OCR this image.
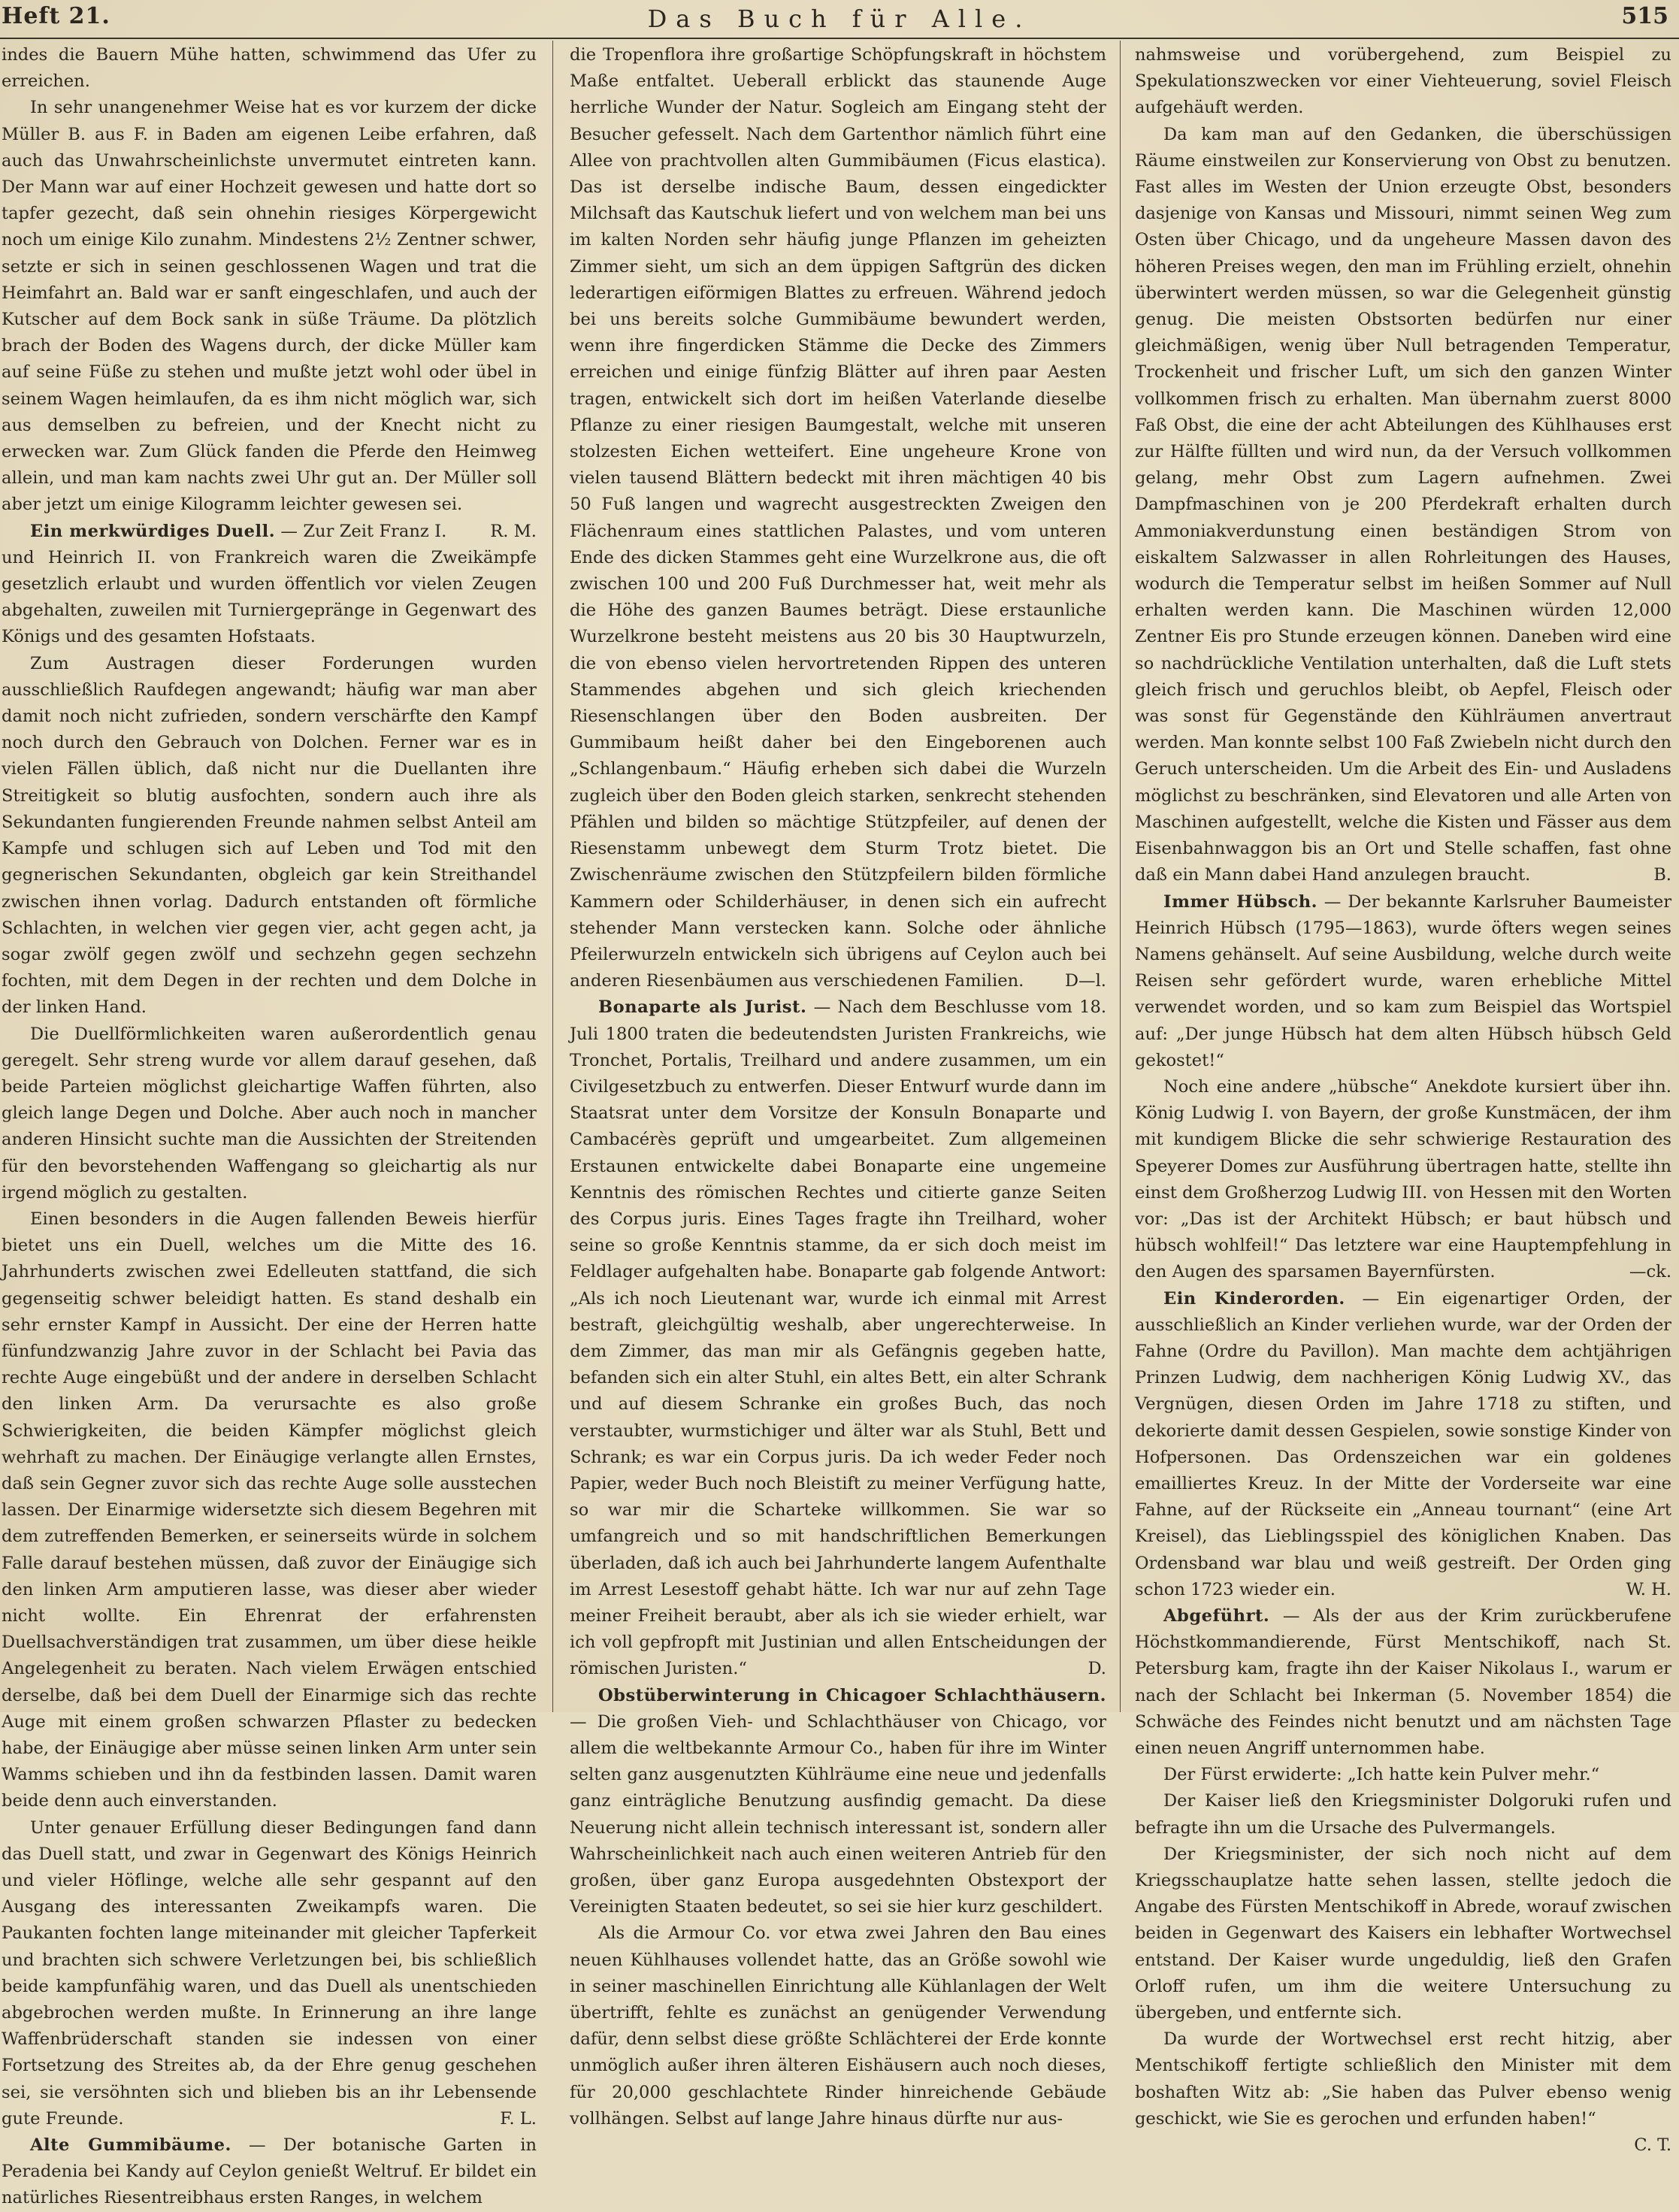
Heft 21.	Das Buch für Alle.	515

indes die Bauern Mühe hatten, schwimmend das Ufer zu erreichen.

In sehr unangenehmer Weise hat es vor kurzem der dicke Müller B. aus F. in Baden am eigenen Leibe erfahren, daß auch das Unwahrscheinlichste unvermutet eintreten kann. Der Mann war auf einer Hochzeit gewesen und hatte dort so tapfer gezecht, daß sein ohnehin riesiges Körpergewicht noch um einige Kilo zunahm. Mindestens 2½ Zentner schwer, setzte er sich in seinen geschlossenen Wagen und trat die Heimfahrt an. Bald war er sanft eingeschlafen, und auch der Kutscher auf dem Bock sank in süße Träume. Da plötzlich brach der Boden des Wagens durch, der dicke Müller kam auf seine Füße zu stehen und mußte jetzt wohl oder übel in seinem Wagen heimlaufen, da es ihm nicht möglich war, sich aus demselben zu befreien, und der Knecht nicht zu erwecken war. Zum Glück fanden die Pferde den Heimweg allein, und man kam nachts zwei Uhr gut an. Der Müller soll aber jetzt um einige Kilogramm leichter gewesen sei.
R. M.

Ein merkwürdiges Duell. — Zur Zeit Franz I. und Heinrich II. von Frankreich waren die Zweikämpfe gesetzlich erlaubt und wurden öffentlich vor vielen Zeugen abgehalten, zuweilen mit Turniergepränge in Gegenwart des Königs und des gesamten Hofstaats.

Zum Austragen dieser Forderungen wurden ausschließlich Raufdegen angewandt; häufig war man aber damit noch nicht zufrieden, sondern verschärfte den Kampf noch durch den Gebrauch von Dolchen. Ferner war es in vielen Fällen üblich, daß nicht nur die Duellanten ihre Streitigkeit so blutig ausfochten, sondern auch ihre als Sekundanten fungierenden Freunde nahmen selbst Anteil am Kampfe und schlugen sich auf Leben und Tod mit den gegnerischen Sekundanten, obgleich gar kein Streithandel zwischen ihnen vorlag. Dadurch entstanden oft förmliche Schlachten, in welchen vier gegen vier, acht gegen acht, ja sogar zwölf gegen zwölf und sechzehn gegen sechzehn fochten, mit dem Degen in der rechten und dem Dolche in der linken Hand.

Die Duellförmlichkeiten waren außerordentlich genau geregelt. Sehr streng wurde vor allem darauf gesehen, daß beide Parteien möglichst gleichartige Waffen führten, also gleich lange Degen und Dolche. Aber auch noch in mancher anderen Hinsicht suchte man die Aussichten der Streitenden für den bevorstehenden Waffengang so gleichartig als nur irgend möglich zu gestalten.

Einen besonders in die Augen fallenden Beweis hierfür bietet uns ein Duell, welches um die Mitte des 16. Jahrhunderts zwischen zwei Edelleuten stattfand, die sich gegenseitig schwer beleidigt hatten. Es stand deshalb ein sehr ernster Kampf in Aussicht. Der eine der Herren hatte fünfundzwanzig Jahre zuvor in der Schlacht bei Pavia das rechte Auge eingebüßt und der andere in derselben Schlacht den linken Arm. Da verursachte es also große Schwierigkeiten, die beiden Kämpfer möglichst gleich wehrhaft zu machen. Der Einäugige verlangte allen Ernstes, daß sein Gegner zuvor sich das rechte Auge solle ausstechen lassen. Der Einarmige widersetzte sich diesem Begehren mit dem zutreffenden Bemerken, er seinerseits würde in solchem Falle darauf bestehen müssen, daß zuvor der Einäugige sich den linken Arm amputieren lasse, was dieser aber wieder nicht wollte. Ein Ehrenrat der erfahrensten Duellsachverständigen trat zusammen, um über diese heikle Angelegenheit zu beraten. Nach vielem Erwägen entschied derselbe, daß bei dem Duell der Einarmige sich das rechte Auge mit einem großen schwarzen Pflaster zu bedecken habe, der Einäugige aber müsse seinen linken Arm unter sein Wamms schieben und ihn da festbinden lassen. Damit waren beide denn auch einverstanden.

Unter genauer Erfüllung dieser Bedingungen fand dann das Duell statt, und zwar in Gegenwart des Königs Heinrich und vieler Höflinge, welche alle sehr gespannt auf den Ausgang des interessanten Zweikampfs waren. Die Paukanten fochten lange miteinander mit gleicher Tapferkeit und brachten sich schwere Verletzungen bei, bis schließlich beide kampfunfähig waren, und das Duell als unentschieden abgebrochen werden mußte. In Erinnerung an ihre lange Waffenbrüderschaft standen sie indessen von einer Fortsetzung des Streites ab, da der Ehre genug geschehen sei, sie versöhnten sich und blieben bis an ihr Lebensende gute Freunde.	F. L.

Alte Gummibäume. — Der botanische Garten in Peradenia bei Kandy auf Ceylon genießt Weltruf. Er bildet ein natürliches Riesentreibhaus ersten Ranges, in welchem

die Tropenflora ihre großartige Schöpfungskraft in höchstem Maße entfaltet. Ueberall erblickt das staunende Auge herrliche Wunder der Natur. Sogleich am Eingang steht der Besucher gefesselt. Nach dem Gartenthor nämlich führt eine Allee von prachtvollen alten Gummibäumen (Ficus elastica). Das ist derselbe indische Baum, dessen eingedickter Milchsaft das Kautschuk liefert und von welchem man bei uns im kalten Norden sehr häufig junge Pflanzen im geheizten Zimmer sieht, um sich an dem üppigen Saftgrün des dicken lederartigen eiförmigen Blattes zu erfreuen. Während jedoch bei uns bereits solche Gummibäume bewundert werden, wenn ihre fingerdicken Stämme die Decke des Zimmers erreichen und einige fünfzig Blätter auf ihren paar Aesten tragen, entwickelt sich dort im heißen Vaterlande dieselbe Pflanze zu einer riesigen Baumgestalt, welche mit unseren stolzesten Eichen wetteifert. Eine ungeheure Krone von vielen tausend Blättern bedeckt mit ihren mächtigen 40 bis 50 Fuß langen und wagrecht ausgestreckten Zweigen den Flächenraum eines stattlichen Palastes, und vom unteren Ende des dicken Stammes geht eine Wurzelkrone aus, die oft zwischen 100 und 200 Fuß Durchmesser hat, weit mehr als die Höhe des ganzen Baumes beträgt. Diese erstaunliche Wurzelkrone besteht meistens aus 20 bis 30 Hauptwurzeln, die von ebenso vielen hervortretenden Rippen des unteren Stammendes abgehen und sich gleich kriechenden Riesenschlangen über den Boden ausbreiten. Der Gummibaum heißt daher bei den Eingeborenen auch „Schlangenbaum.“ Häufig erheben sich dabei die Wurzeln zugleich über den Boden gleich starken, senkrecht stehenden Pfählen und bilden so mächtige Stützpfeiler, auf denen der Riesenstamm unbewegt dem Sturm Trotz bietet. Die Zwischenräume zwischen den Stützpfeilern bilden förmliche Kammern oder Schilderhäuser, in denen sich ein aufrecht stehender Mann verstecken kann. Solche oder ähnliche Pfeilerwurzeln entwickeln sich übrigens auf Ceylon auch bei anderen Riesenbäumen aus verschiedenen Familien.	D—l.

Bonaparte als Jurist. — Nach dem Beschlusse vom 18. Juli 1800 traten die bedeutendsten Juristen Frankreichs, wie Tronchet, Portalis, Treilhard und andere zusammen, um ein Civilgesetzbuch zu entwerfen. Dieser Entwurf wurde dann im Staatsrat unter dem Vorsitze der Konsuln Bonaparte und Cambacérès geprüft und umgearbeitet. Zum allgemeinen Erstaunen entwickelte dabei Bonaparte eine ungemeine Kenntnis des römischen Rechtes und citierte ganze Seiten des Corpus juris. Eines Tages fragte ihn Treilhard, woher seine so große Kenntnis stamme, da er sich doch meist im Feldlager aufgehalten habe. Bonaparte gab folgende Antwort: „Als ich noch Lieutenant war, wurde ich einmal mit Arrest bestraft, gleichgültig weshalb, aber ungerechterweise. In dem Zimmer, das man mir als Gefängnis gegeben hatte, befanden sich ein alter Stuhl, ein altes Bett, ein alter Schrank und auf diesem Schranke ein großes Buch, das noch verstaubter, wurmstichiger und älter war als Stuhl, Bett und Schrank; es war ein Corpus juris. Da ich weder Feder noch Papier, weder Buch noch Bleistift zu meiner Verfügung hatte, so war mir die Scharteke willkommen. Sie war so umfangreich und so mit handschriftlichen Bemerkungen überladen, daß ich auch bei Jahrhunderte langem Aufenthalte im Arrest Lesestoff gehabt hätte. Ich war nur auf zehn Tage meiner Freiheit beraubt, aber als ich sie wieder erhielt, war ich voll gepfropft mit Justinian und allen Entscheidungen der römischen Juristen.“	D.

Obstüberwinterung in Chicagoer Schlachthäusern. — Die großen Vieh- und Schlachthäuser von Chicago, vor allem die weltbekannte Armour Co., haben für ihre im Winter selten ganz ausgenutzten Kühlräume eine neue und jedenfalls ganz einträgliche Benutzung ausfindig gemacht. Da diese Neuerung nicht allein technisch interessant ist, sondern aller Wahrscheinlichkeit nach auch einen weiteren Antrieb für den großen, über ganz Europa ausgedehnten Obstexport der Vereinigten Staaten bedeutet, so sei sie hier kurz geschildert.

Als die Armour Co. vor etwa zwei Jahren den Bau eines neuen Kühlhauses vollendet hatte, das an Größe sowohl wie in seiner maschinellen Einrichtung alle Kühlanlagen der Welt übertrifft, fehlte es zunächst an genügender Verwendung dafür, denn selbst diese größte Schlächterei der Erde konnte unmöglich außer ihren älteren Eishäusern auch noch dieses, für 20,000 geschlachtete Rinder hinreichende Gebäude vollhängen. Selbst auf lange Jahre hinaus dürfte nur aus-

nahmsweise und vorübergehend, zum Beispiel zu Spekulationszwecken vor einer Viehteuerung, soviel Fleisch aufgehäuft werden.

Da kam man auf den Gedanken, die überschüssigen Räume einstweilen zur Konservierung von Obst zu benutzen. Fast alles im Westen der Union erzeugte Obst, besonders dasjenige von Kansas und Missouri, nimmt seinen Weg zum Osten über Chicago, und da ungeheure Massen davon des höheren Preises wegen, den man im Frühling erzielt, ohnehin überwintert werden müssen, so war die Gelegenheit günstig genug. Die meisten Obstsorten bedürfen nur einer gleichmäßigen, wenig über Null betragenden Temperatur, Trockenheit und frischer Luft, um sich den ganzen Winter vollkommen frisch zu erhalten. Man übernahm zuerst 8000 Faß Obst, die eine der acht Abteilungen des Kühlhauses erst zur Hälfte füllten und wird nun, da der Versuch vollkommen gelang, mehr Obst zum Lagern aufnehmen. Zwei Dampfmaschinen von je 200 Pferdekraft erhalten durch Ammoniakverdunstung einen beständigen Strom von eiskaltem Salzwasser in allen Rohrleitungen des Hauses, wodurch die Temperatur selbst im heißen Sommer auf Null erhalten werden kann. Die Maschinen würden 12,000 Zentner Eis pro Stunde erzeugen können. Daneben wird eine so nachdrückliche Ventilation unterhalten, daß die Luft stets gleich frisch und geruchlos bleibt, ob Aepfel, Fleisch oder was sonst für Gegenstände den Kühlräumen anvertraut werden. Man konnte selbst 100 Faß Zwiebeln nicht durch den Geruch unterscheiden. Um die Arbeit des Ein- und Ausladens möglichst zu beschränken, sind Elevatoren und alle Arten von Maschinen aufgestellt, welche die Kisten und Fässer aus dem Eisenbahnwaggon bis an Ort und Stelle schaffen, fast ohne daß ein Mann dabei Hand anzulegen braucht.	B.

Immer Hübsch. — Der bekannte Karlsruher Baumeister Heinrich Hübsch (1795—1863), wurde öfters wegen seines Namens gehänselt. Auf seine Ausbildung, welche durch weite Reisen sehr gefördert wurde, waren erhebliche Mittel verwendet worden, und so kam zum Beispiel das Wortspiel auf: „Der junge Hübsch hat dem alten Hübsch hübsch Geld gekostet!“

Noch eine andere „hübsche“ Anekdote kursiert über ihn. König Ludwig I. von Bayern, der große Kunstmäcen, der ihm mit kundigem Blicke die sehr schwierige Restauration des Speyerer Domes zur Ausführung übertragen hatte, stellte ihn einst dem Großherzog Ludwig III. von Hessen mit den Worten vor: „Das ist der Architekt Hübsch; er baut hübsch und hübsch wohlfeil!“ Das letztere war eine Hauptempfehlung in den Augen des sparsamen Bayernfürsten.	—ck.

Ein Kinderorden. — Ein eigenartiger Orden, der ausschließlich an Kinder verliehen wurde, war der Orden der Fahne (Ordre du Pavillon). Man machte dem achtjährigen Prinzen Ludwig, dem nachherigen König Ludwig XV., das Vergnügen, diesen Orden im Jahre 1718 zu stiften, und dekorierte damit dessen Gespielen, sowie sonstige Kinder von Hofpersonen. Das Ordenszeichen war ein goldenes emailliertes Kreuz. In der Mitte der Vorderseite war eine Fahne, auf der Rückseite ein „Anneau tournant“ (eine Art Kreisel), das Lieblingsspiel des königlichen Knaben. Das Ordensband war blau und weiß gestreift. Der Orden ging schon 1723 wieder ein.	W. H.

Abgeführt. — Als der aus der Krim zurückberufene Höchstkommandierende, Fürst Mentschikoff, nach St. Petersburg kam, fragte ihn der Kaiser Nikolaus I., warum er nach der Schlacht bei Inkerman (5. November 1854) die Schwäche des Feindes nicht benutzt und am nächsten Tage einen neuen Angriff unternommen habe.

Der Fürst erwiderte: „Ich hatte kein Pulver mehr.“

Der Kaiser ließ den Kriegsminister Dolgoruki rufen und befragte ihn um die Ursache des Pulvermangels.

Der Kriegsminister, der sich noch nicht auf dem Kriegsschauplatze hatte sehen lassen, stellte jedoch die Angabe des Fürsten Mentschikoff in Abrede, worauf zwischen beiden in Gegenwart des Kaisers ein lebhafter Wortwechsel entstand. Der Kaiser wurde ungeduldig, ließ den Grafen Orloff rufen, um ihm die weitere Untersuchung zu übergeben, und entfernte sich.

Da wurde der Wortwechsel erst recht hitzig, aber Mentschikoff fertigte schließlich den Minister mit dem boshaften Witz ab: „Sie haben das Pulver ebenso wenig geschickt, wie Sie es gerochen und erfunden haben!“
C. T.
